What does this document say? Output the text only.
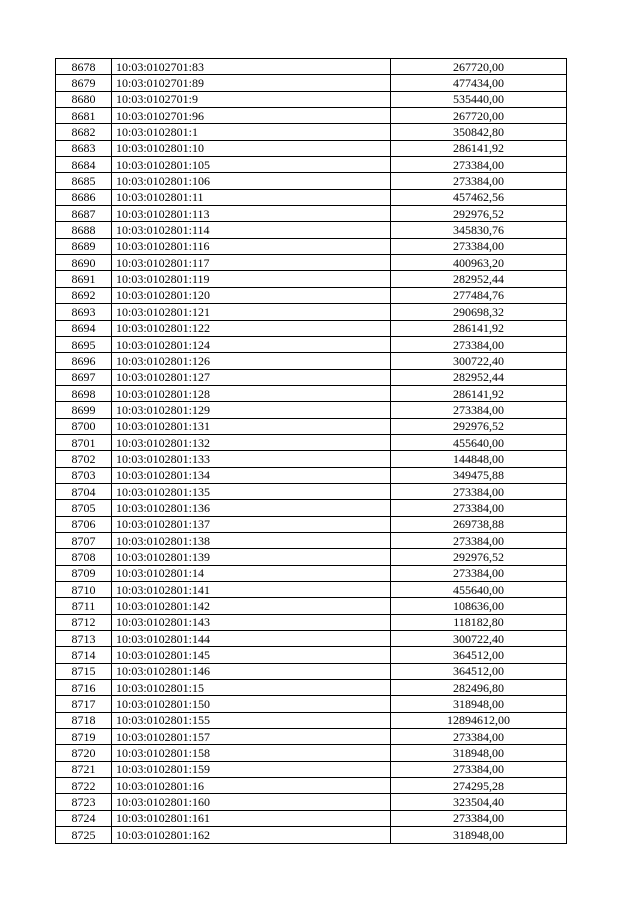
8678	10:03:0102701:83	267720,00
8679	10:03:0102701:89	477434,00
8680	10:03:0102701:9	535440,00
8681	10:03:0102701:96	267720,00
8682	10:03:0102801:1	350842,80
8683	10:03:0102801:10	286141,92
8684	10:03:0102801:105	273384,00
8685	10:03:0102801:106	273384,00
8686	10:03:0102801:11	457462,56
8687	10:03:0102801:113	292976,52
8688	10:03:0102801:114	345830,76
8689	10:03:0102801:116	273384,00
8690	10:03:0102801:117	400963,20
8691	10:03:0102801:119	282952,44
8692	10:03:0102801:120	277484,76
8693	10:03:0102801:121	290698,32
8694	10:03:0102801:122	286141,92
8695	10:03:0102801:124	273384,00
8696	10:03:0102801:126	300722,40
8697	10:03:0102801:127	282952,44
8698	10:03:0102801:128	286141,92
8699	10:03:0102801:129	273384,00
8700	10:03:0102801:131	292976,52
8701	10:03:0102801:132	455640,00
8702	10:03:0102801:133	144848,00
8703	10:03:0102801:134	349475,88
8704	10:03:0102801:135	273384,00
8705	10:03:0102801:136	273384,00
8706	10:03:0102801:137	269738,88
8707	10:03:0102801:138	273384,00
8708	10:03:0102801:139	292976,52
8709	10:03:0102801:14	273384,00
8710	10:03:0102801:141	455640,00
8711	10:03:0102801:142	108636,00
8712	10:03:0102801:143	118182,80
8713	10:03:0102801:144	300722,40
8714	10:03:0102801:145	364512,00
8715	10:03:0102801:146	364512,00
8716	10:03:0102801:15	282496,80
8717	10:03:0102801:150	318948,00
8718	10:03:0102801:155	12894612,00
8719	10:03:0102801:157	273384,00
8720	10:03:0102801:158	318948,00
8721	10:03:0102801:159	273384,00
8722	10:03:0102801:16	274295,28
8723	10:03:0102801:160	323504,40
8724	10:03:0102801:161	273384,00
8725	10:03:0102801:162	318948,00
